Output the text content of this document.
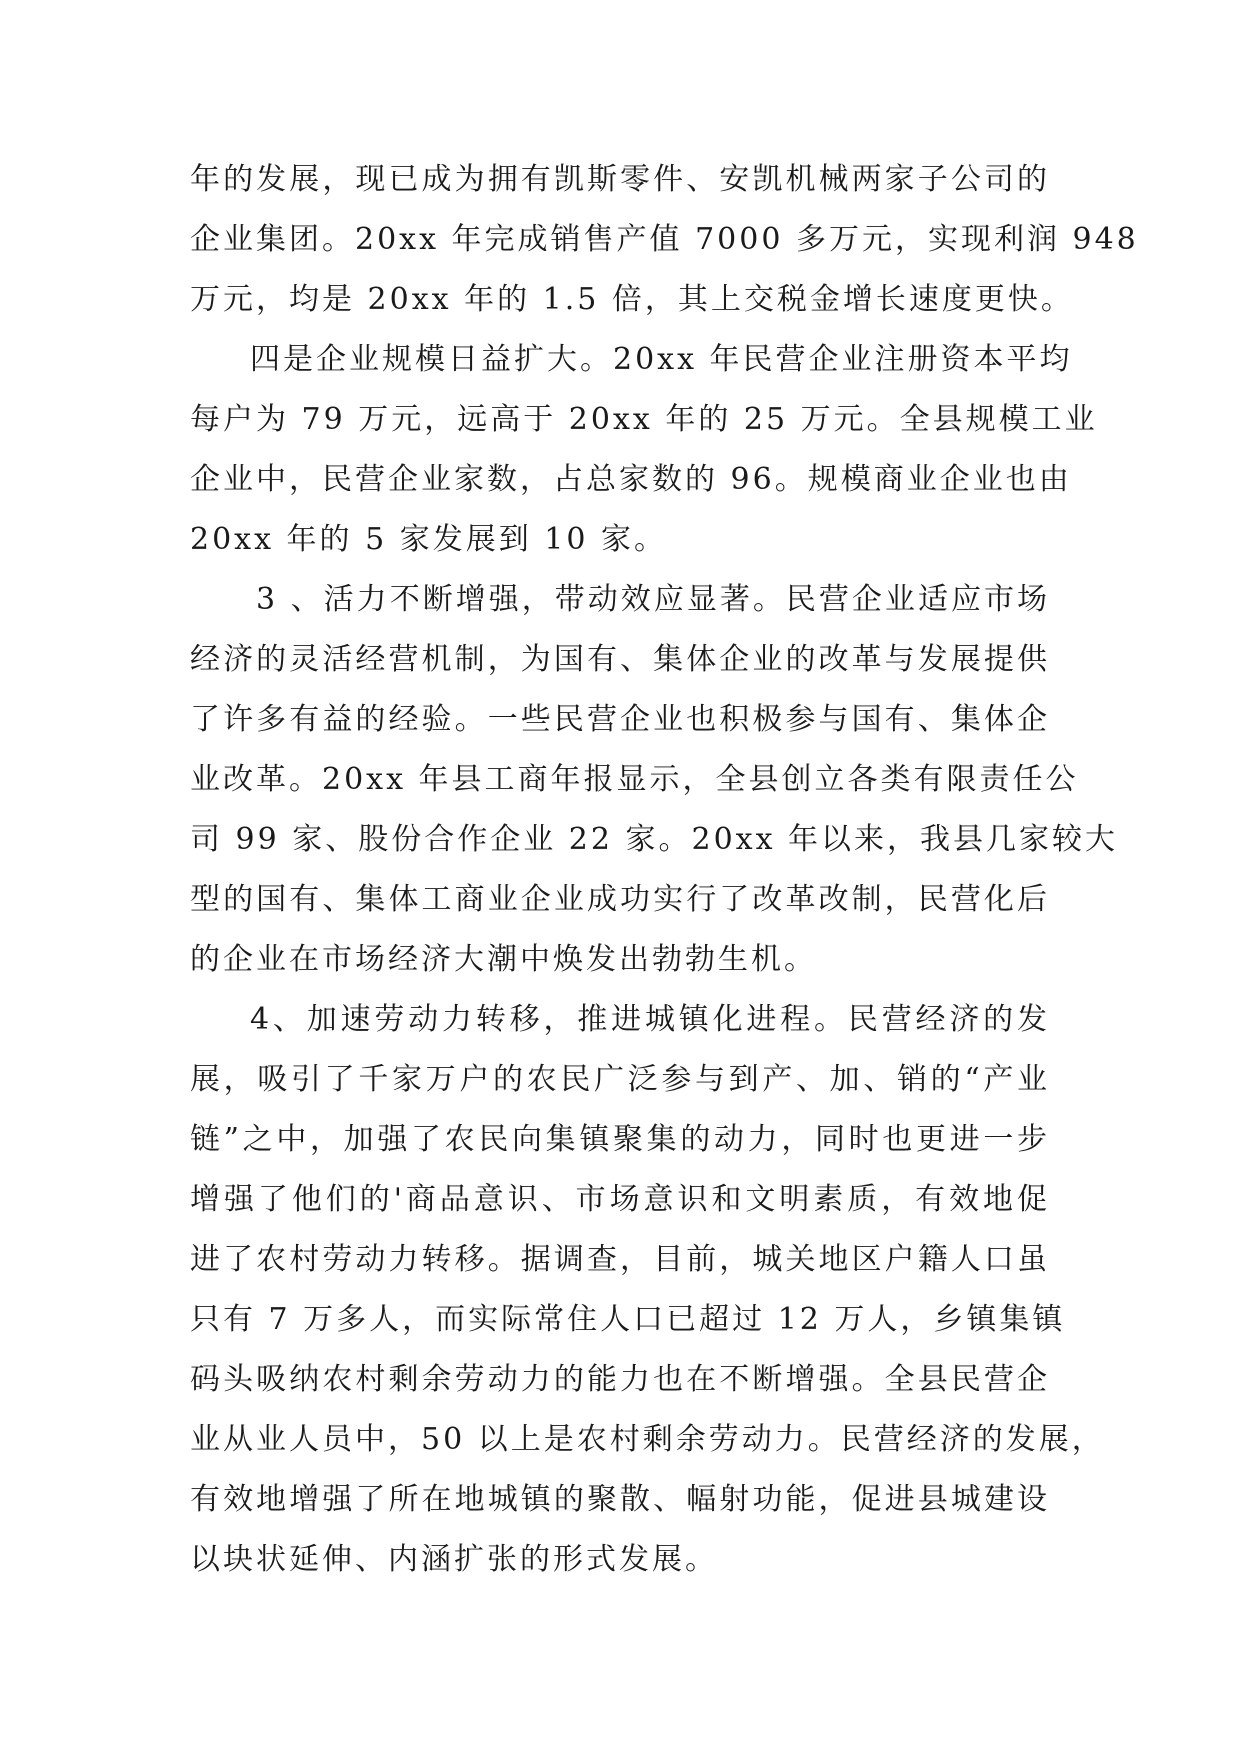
年的发展，现已成为拥有凯斯零件、安凯机械两家子公司的
企业集团。20xx 年完成销售产值 7000 多万元，实现利润 948
万元，均是 20xx 年的 1.5 倍，其上交税金增长速度更快。
四是企业规模日益扩大。20xx 年民营企业注册资本平均
每户为 79 万元，远高于 20xx 年的 25 万元。全县规模工业
企业中，民营企业家数，占总家数的 96。规模商业企业也由
20xx 年的 5 家发展到 10 家。
3 、活力不断增强，带动效应显著。民营企业适应市场
经济的灵活经营机制，为国有、集体企业的改革与发展提供
了许多有益的经验。一些民营企业也积极参与国有、集体企
业改革。20xx 年县工商年报显示，全县创立各类有限责任公
司 99 家、股份合作企业 22 家。20xx 年以来，我县几家较大
型的国有、集体工商业企业成功实行了改革改制，民营化后
的企业在市场经济大潮中焕发出勃勃生机。
4、加速劳动力转移，推进城镇化进程。民营经济的发
展，吸引了千家万户的农民广泛参与到产、加、销的“产业
链”之中，加强了农民向集镇聚集的动力，同时也更进一步
增强了他们的'商品意识、市场意识和文明素质，有效地促
进了农村劳动力转移。据调查，目前，城关地区户籍人口虽
只有 7 万多人，而实际常住人口已超过 12 万人，乡镇集镇
码头吸纳农村剩余劳动力的能力也在不断增强。全县民营企
业从业人员中，50 以上是农村剩余劳动力。民营经济的发展，
有效地增强了所在地城镇的聚散、幅射功能，促进县城建设
以块状延伸、内涵扩张的形式发展。
